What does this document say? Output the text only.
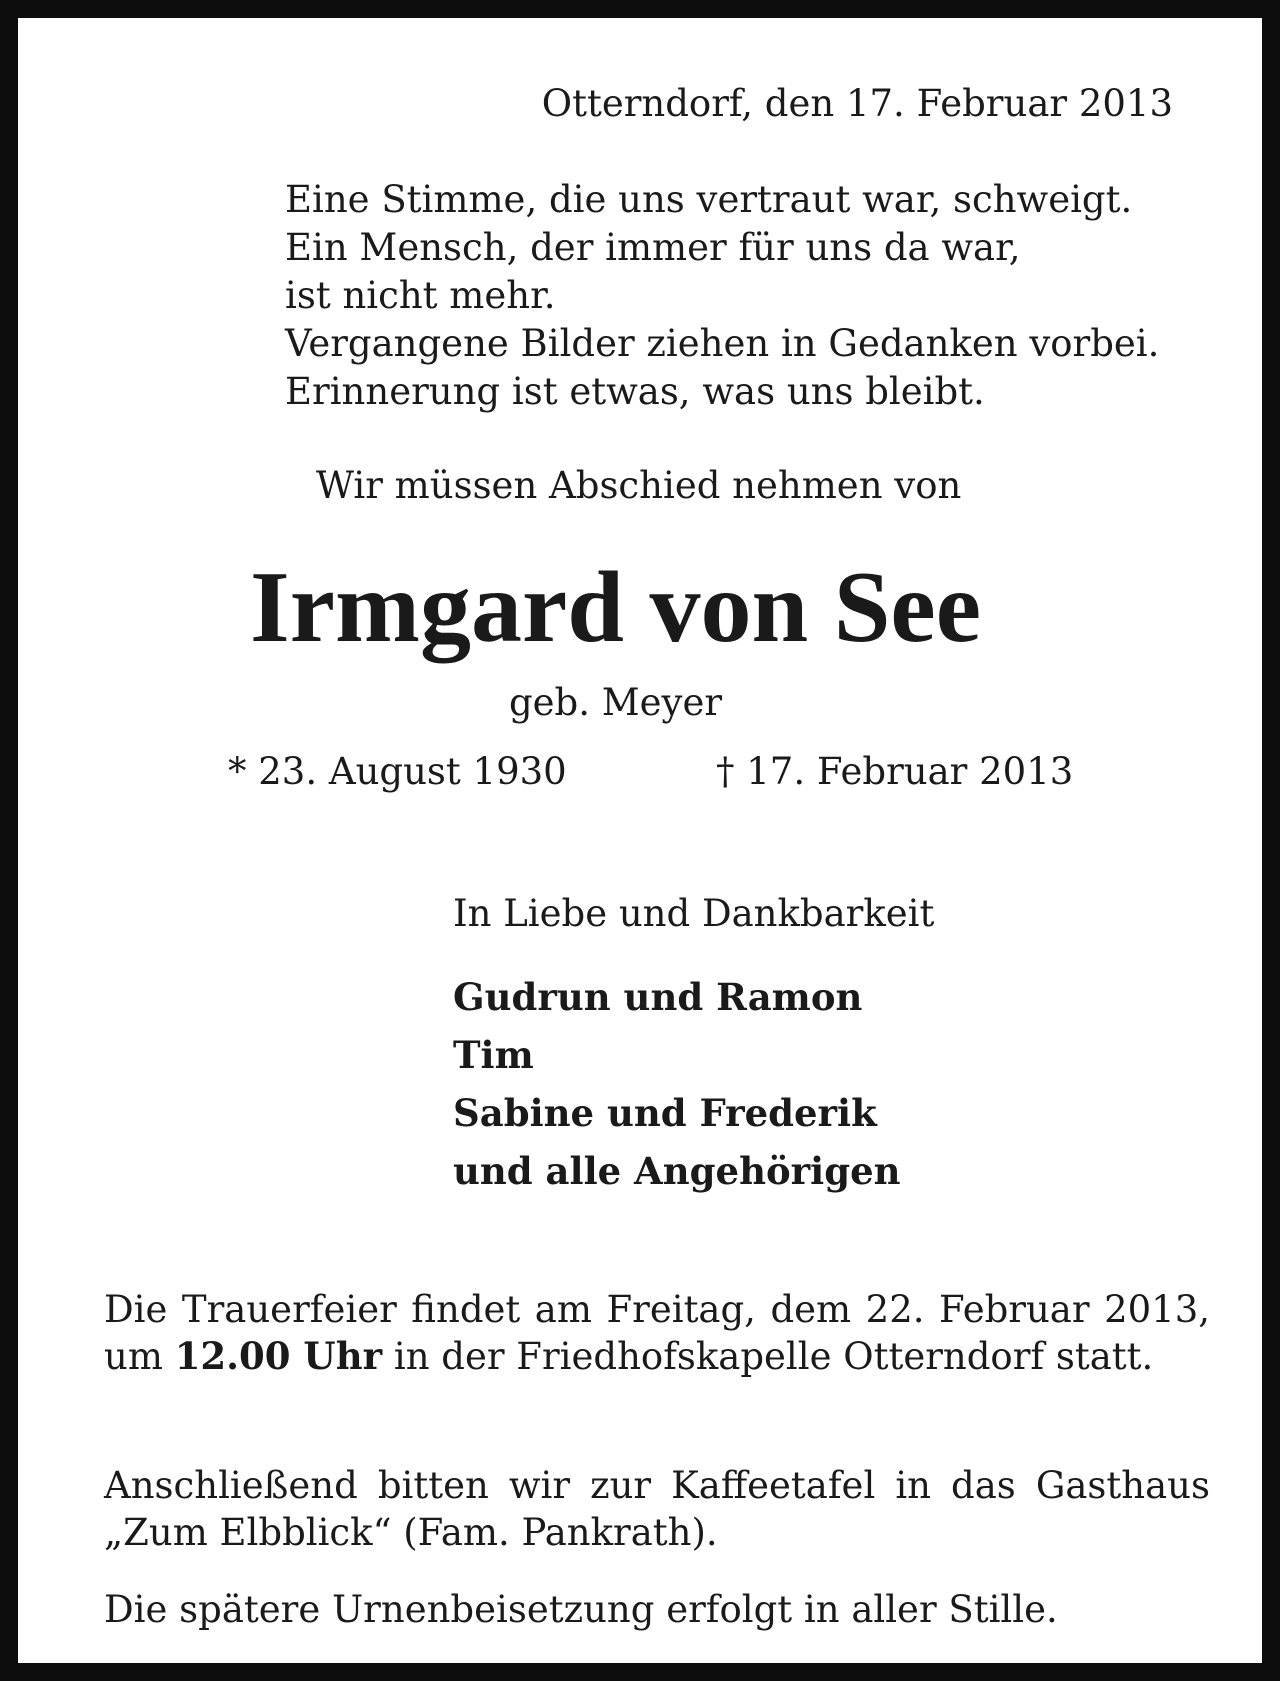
Otterndorf, den 17. Februar 2013

Eine Stimme, die uns vertraut war, schweigt.
Ein Mensch, der immer für uns da war,
ist nicht mehr.
Vergangene Bilder ziehen in Gedanken vorbei.
Erinnerung ist etwas, was uns bleibt.

Wir müssen Abschied nehmen von

Irmgard von See

geb. Meyer

* 23. August 1930	† 17. Februar 2013

In Liebe und Dankbarkeit

Gudrun und Ramon
Tim
Sabine und Frederik
und alle Angehörigen

Die Trauerfeier findet am Freitag, dem 22. Februar 2013, um 12.00 Uhr in der Friedhofskapelle Otterndorf statt.

Anschließend bitten wir zur Kaffeetafel in das Gasthaus „Zum Elbblick“ (Fam. Pankrath).

Die spätere Urnenbeisetzung erfolgt in aller Stille.
